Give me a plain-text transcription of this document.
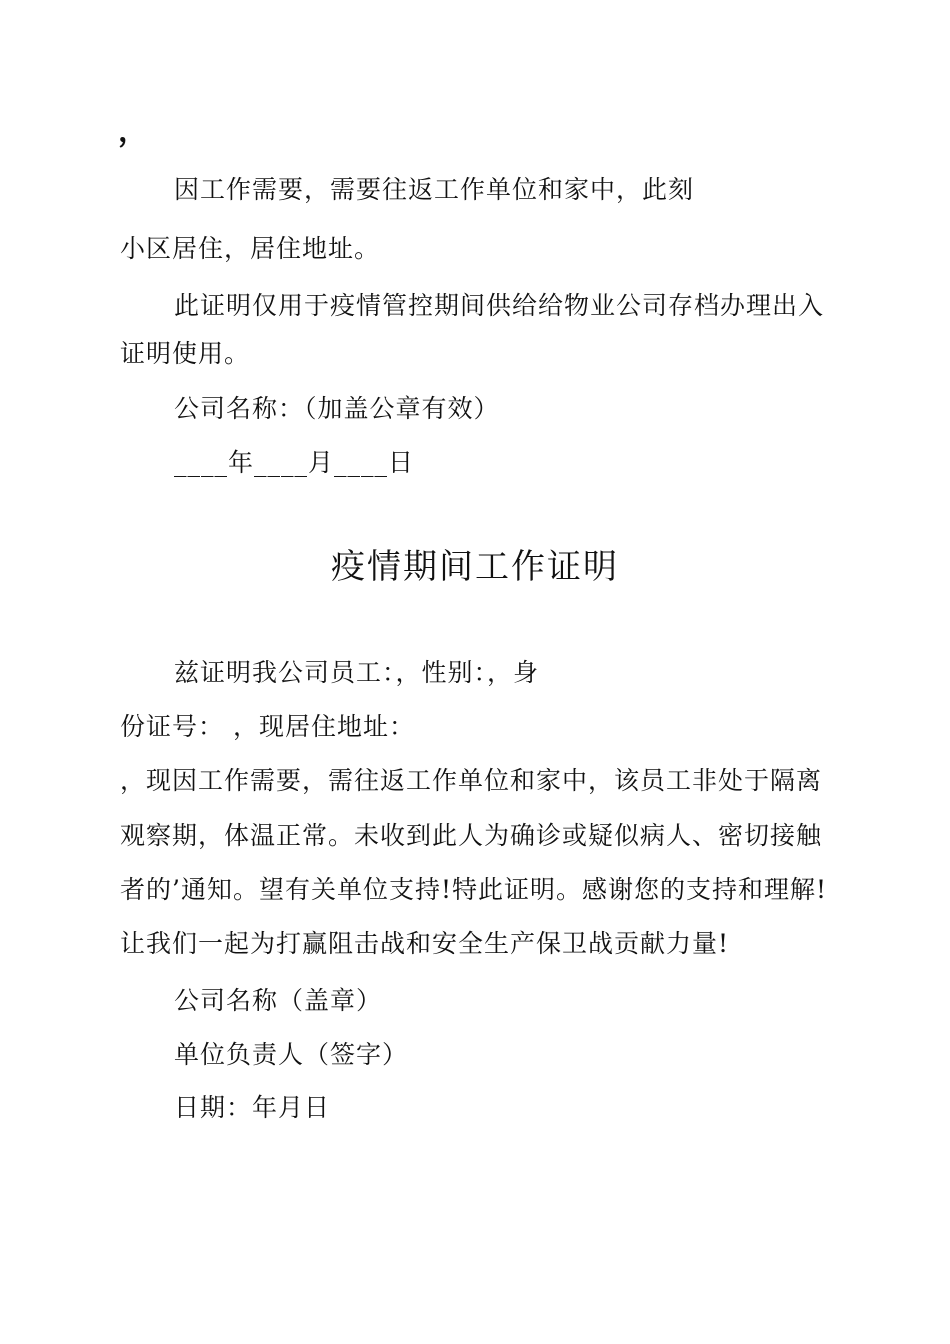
，
因工作需要，需要往返工作单位和家中，此刻
小区居住，居住地址。
此证明仅用于疫情管控期间供给给物业公司存档办理出入
证明使用。
公司名称：（加盖公章有效）
____年____月____日
疫情期间工作证明
兹证明我公司员工：，性别：，身
份证号： ，现居住地址：
，现因工作需要，需往返工作单位和家中，该员工非处于隔离
观察期，体温正常。未收到此人为确诊或疑似病人、密切接触
者的’通知。望有关单位支持!特此证明。感谢您的支持和理解!
让我们一起为打赢阻击战和安全生产保卫战贡献力量!
公司名称（盖章）
单位负责人（签字）
日期：年月日
